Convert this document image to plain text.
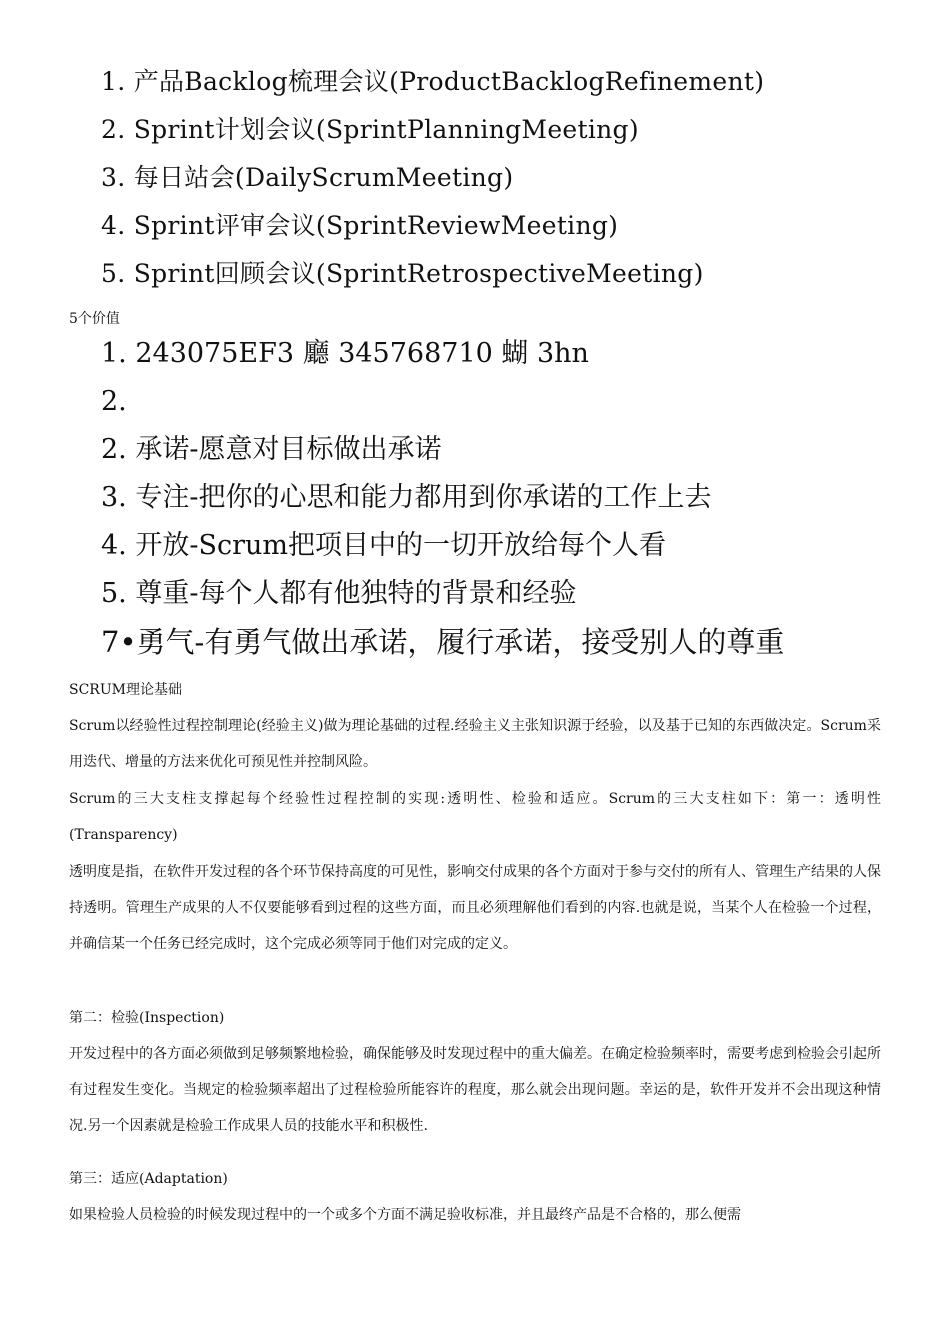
1. 产品Backlog梳理会议(ProductBacklogRefinement)
2. Sprint计划会议(SprintPlanningMeeting)
3. 每日站会(DailyScrumMeeting)
4. Sprint评审会议(SprintReviewMeeting)
5. Sprint回顾会议(SprintRetrospectiveMeeting)
5个价值
1. 243075EF3 廳 345768710 蝴 3hn
2.
2. 承诺-愿意对目标做出承诺
3. 专注-把你的心思和能力都用到你承诺的工作上去
4. 开放-Scrum把项目中的一切开放给每个人看
5. 尊重-每个人都有他独特的背景和经验
7•勇气-有勇气做出承诺，履行承诺，接受别人的尊重
SCRUM理论基础
Scrum以经验性过程控制理论(经验主义)做为理论基础的过程.经验主义主张知识源于经验，以及基于已知的东西做决定。Scrum采用迭代、增量的方法来优化可预见性并控制风险。
Scrum的三大支柱支撑起每个经验性过程控制的实现:透明性、检验和适应。Scrum的三大支柱如下：第一：透明性(Transparency)
透明度是指，在软件开发过程的各个环节保持高度的可见性，影响交付成果的各个方面对于参与交付的所有人、管理生产结果的人保持透明。管理生产成果的人不仅要能够看到过程的这些方面，而且必须理解他们看到的内容.也就是说，当某个人在检验一个过程，并确信某一个任务已经完成时，这个完成必须等同于他们对完成的定义。
第二：检验(Inspection)
开发过程中的各方面必须做到足够频繁地检验，确保能够及时发现过程中的重大偏差。在确定检验频率时，需要考虑到检验会引起所有过程发生变化。当规定的检验频率超出了过程检验所能容许的程度，那么就会出现问题。幸运的是，软件开发并不会出现这种情况.另一个因素就是检验工作成果人员的技能水平和积极性.
第三：适应(Adaptation)
如果检验人员检验的时候发现过程中的一个或多个方面不满足验收标准，并且最终产品是不合格的，那么便需
